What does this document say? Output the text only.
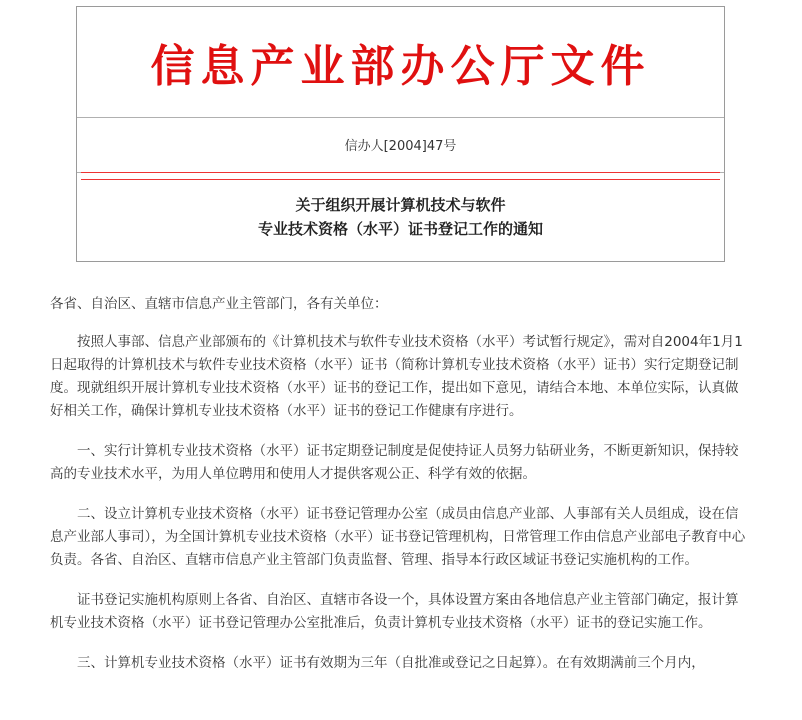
信息产业部办公厅文件
信办人[2004]47号
关于组织开展计算机技术与软件
专业技术资格（水平）证书登记工作的通知

各省、自治区、直辖市信息产业主管部门，各有关单位：

按照人事部、信息产业部颁布的《计算机技术与软件专业技术资格（水平）考试暂行规定》，需对自2004年1月1日起取得的计算机技术与软件专业技术资格（水平）证书（简称计算机专业技术资格（水平）证书）实行定期登记制度。现就组织开展计算机专业技术资格（水平）证书的登记工作，提出如下意见，请结合本地、本单位实际，认真做好相关工作，确保计算机专业技术资格（水平）证书的登记工作健康有序进行。

一、实行计算机专业技术资格（水平）证书定期登记制度是促使持证人员努力钻研业务，不断更新知识，保持较高的专业技术水平，为用人单位聘用和使用人才提供客观公正、科学有效的依据。

二、设立计算机专业技术资格（水平）证书登记管理办公室（成员由信息产业部、人事部有关人员组成，设在信息产业部人事司），为全国计算机专业技术资格（水平）证书登记管理机构，日常管理工作由信息产业部电子教育中心负责。各省、自治区、直辖市信息产业主管部门负责监督、管理、指导本行政区域证书登记实施机构的工作。

证书登记实施机构原则上各省、自治区、直辖市各设一个，具体设置方案由各地信息产业主管部门确定，报计算机专业技术资格（水平）证书登记管理办公室批准后，负责计算机专业技术资格（水平）证书的登记实施工作。

三、计算机专业技术资格（水平）证书有效期为三年（自批准或登记之日起算）。在有效期满前三个月内，
